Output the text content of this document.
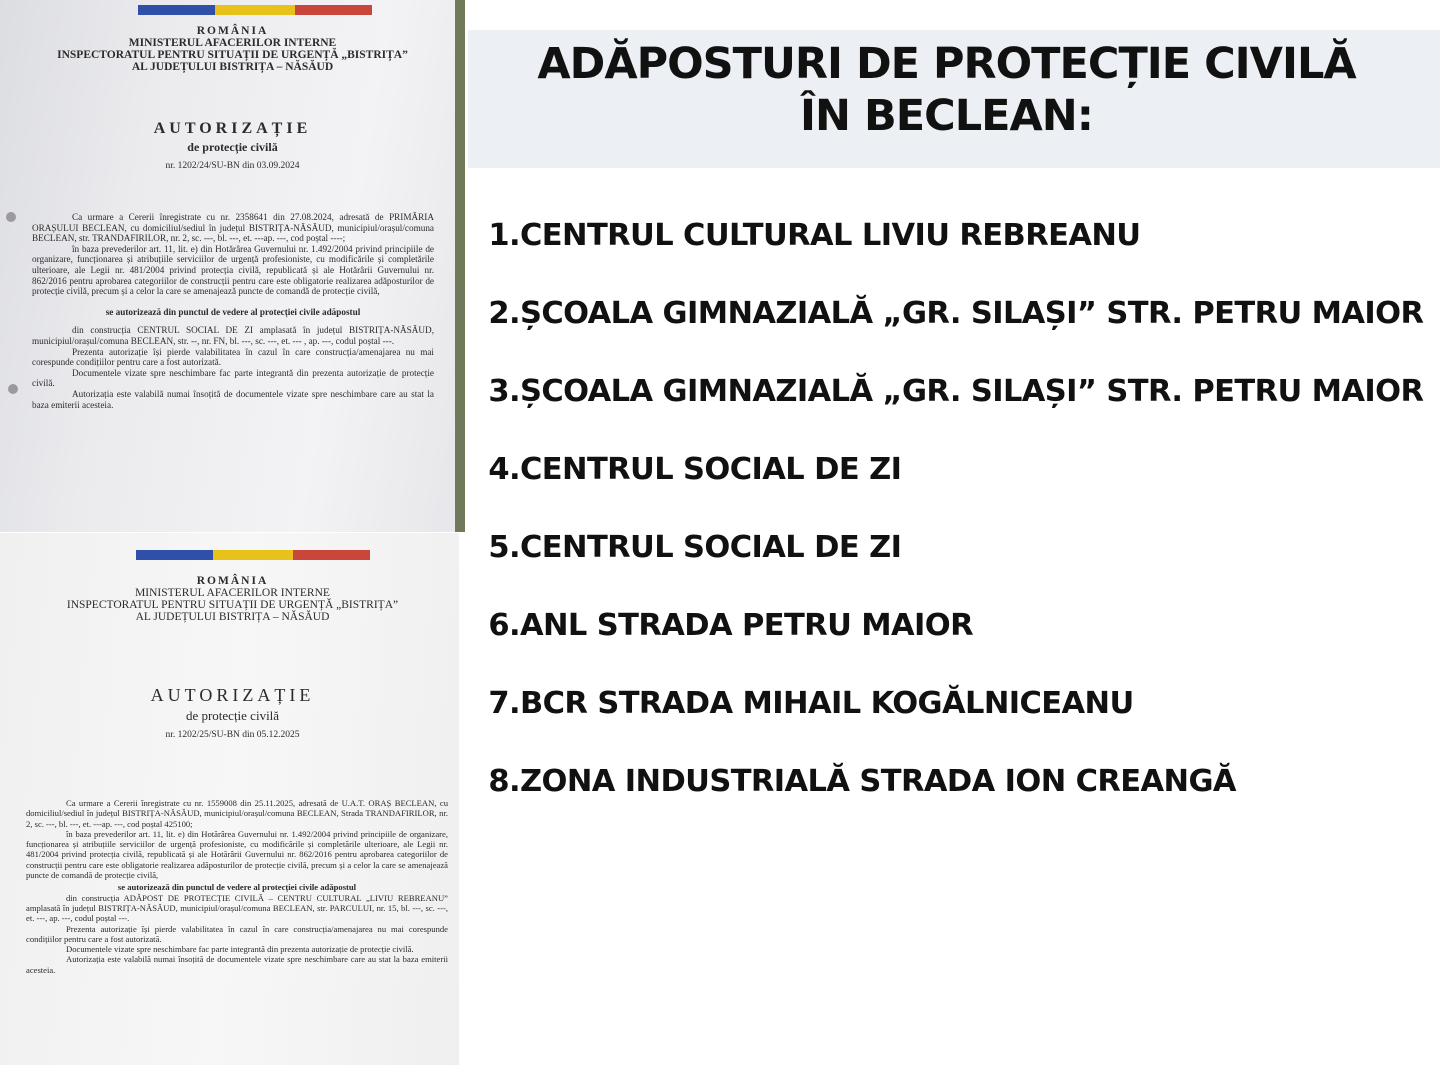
ROMÂNIA
MINISTERUL AFACERILOR INTERNE
INSPECTORATUL PENTRU SITUAȚII DE URGENȚĂ „BISTRIȚA”
AL JUDEȚULUI BISTRIȚA – NĂSĂUD
AUTORIZAȚIE
de protecție civilă
nr. 1202/24/SU-BN din 03.09.2024

Ca urmare a Cererii înregistrate cu nr. 2358641 din 27.08.2024, adresată de PRIMĂRIA ORAȘULUI BECLEAN, cu domiciliul/sediul în județul BISTRIȚA-NĂSĂUD, municipiul/orașul/comuna BECLEAN, str. TRANDAFIRILOR, nr. 2, sc. ---, bl. ---, et. ---ap. ---, cod poștal ----;

în baza prevederilor art. 11, lit. e) din Hotărârea Guvernului nr. 1.492/2004 privind principiile de organizare, funcționarea și atribuțiile serviciilor de urgență profesioniste, cu modificările și completările ulterioare, ale Legii nr. 481/2004 privind protecția civilă, republicată și ale Hotărârii Guvernului nr. 862/2016 pentru aprobarea categoriilor de construcții pentru care este obligatorie realizarea adăposturilor de protecție civilă, precum și a celor la care se amenajează puncte de comandă de protecție civilă,

se autorizează din punctul de vedere al protecției civile adăpostul

din construcția CENTRUL SOCIAL DE ZI amplasată în județul BISTRIȚA-NĂSĂUD, municipiul/orașul/comuna BECLEAN, str. --, nr. FN, bl. ---, sc. ---, et. --- , ap. ---, codul poștal ---.

Prezenta autorizație își pierde valabilitatea în cazul în care construcția/amenajarea nu mai corespunde condițiilor pentru care a fost autorizată.

Documentele vizate spre neschimbare fac parte integrantă din prezenta autorizație de protecție civilă.

Autorizația este valabilă numai însoțită de documentele vizate spre neschimbare care au stat la baza emiterii acesteia.

ROMÂNIA
MINISTERUL AFACERILOR INTERNE
INSPECTORATUL PENTRU SITUAȚII DE URGENȚĂ „BISTRIȚA”
AL JUDEȚULUI BISTRIȚA – NĂSĂUD
AUTORIZAȚIE
de protecție civilă
nr. 1202/25/SU-BN din 05.12.2025

Ca urmare a Cererii înregistrate cu nr. 1559008 din 25.11.2025, adresată de U.A.T. ORAȘ BECLEAN, cu domiciliul/sediul în județul BISTRIȚA-NĂSĂUD, municipiul/orașul/comuna BECLEAN, Strada TRANDAFIRILOR, nr. 2, sc. ---, bl. ---, et. ---ap. ---, cod poștal 425100;

în baza prevederilor art. 11, lit. e) din Hotărârea Guvernului nr. 1.492/2004 privind principiile de organizare, funcționarea și atribuțiile serviciilor de urgență profesioniste, cu modificările și completările ulterioare, ale Legii nr. 481/2004 privind protecția civilă, republicată și ale Hotărârii Guvernului nr. 862/2016 pentru aprobarea categoriilor de construcții pentru care este obligatorie realizarea adăposturilor de protecție civilă, precum și a celor la care se amenajează puncte de comandă de protecție civilă,

se autorizează din punctul de vedere al protecției civile adăpostul

din construcția ADĂPOST DE PROTECȚIE CIVILĂ – CENTRU CULTURAL „LIVIU REBREANU” amplasată în județul BISTRIȚA-NĂSĂUD, municipiul/orașul/comuna BECLEAN, str. PARCULUI, nr. 15, bl. ---, sc. ---, et. ---, ap. ---, codul poștal ---.

Prezenta autorizație își pierde valabilitatea în cazul în care construcția/amenajarea nu mai corespunde condițiilor pentru care a fost autorizată.

Documentele vizate spre neschimbare fac parte integrantă din prezenta autorizație de protecție civilă.

Autorizația este valabilă numai însoțită de documentele vizate spre neschimbare care au stat la baza emiterii acesteia.

ADĂPOSTURI DE PROTECȚIE CIVILĂ
ÎN BECLEAN:
1. CENTRUL CULTURAL LIVIU REBREANU
2. ȘCOALA GIMNAZIALĂ „GR. SILAȘI” STR. PETRU MAIOR
3. ȘCOALA GIMNAZIALĂ „GR. SILAȘI” STR. PETRU MAIOR
4. CENTRUL SOCIAL DE ZI
5. CENTRUL SOCIAL DE ZI
6. ANL STRADA PETRU MAIOR
7. BCR STRADA MIHAIL KOGĂLNICEANU
8. ZONA INDUSTRIALĂ STRADA ION CREANGĂ
